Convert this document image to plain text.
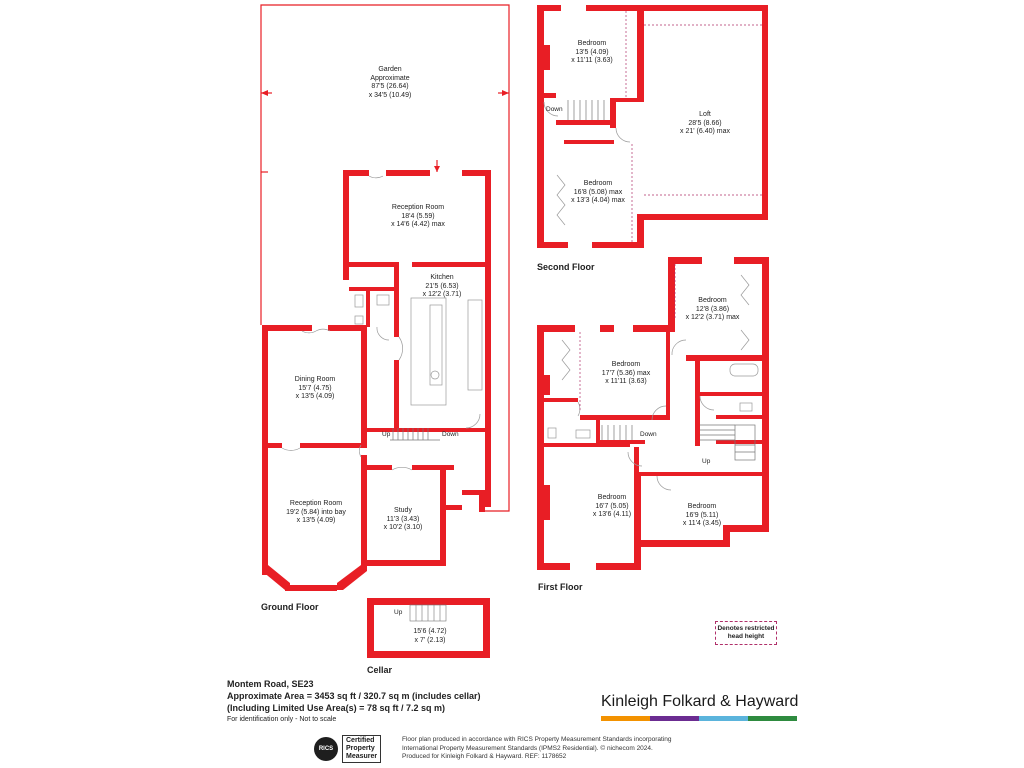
Garden
Approximate
87'5 (26.64)
x 34'5 (10.49)
Reception Room
18'4 (5.59)
x 14'6 (4.42) max
Kitchen
21'5 (6.53)
x 12'2 (3.71)
Dining Room
15'7 (4.75)
x 13'5 (4.09)
Reception Room
19'2 (5.84) into bay
x 13'5 (4.09)
Study
11'3 (3.43)
x 10'2 (3.10)
Up	Down
Ground Floor
Up
15'6 (4.72)
x 7' (2.13)
Cellar
Bedroom
13'5 (4.09)
x 11'11 (3.63)
Loft
28'5 (8.66)
x 21' (6.40) max
Bedroom
16'8 (5.08) max
x 13'3 (4.04) max
Down
Second Floor
Bedroom
12'8 (3.86)
x 12'2 (3.71) max
Bedroom
17'7 (5.36) max
x 11'11 (3.63)
Bedroom
16'7 (5.05)
x 13'6 (4.11)
Bedroom
16'9 (5.11)
x 11'4 (3.45)
Down
Up
First Floor
Denotes restricted
head height
Montem Road, SE23
Approximate Area = 3453 sq ft / 320.7 sq m (includes cellar)
(Including Limited Use Area(s) = 78 sq ft / 7.2 sq m)
For identification only - Not to scale
Kinleigh Folkard & Hayward
RICS
Certified
Property
Measurer
Floor plan produced in accordance with RICS Property Measurement Standards incorporating
International Property Measurement Standards (IPMS2 Residential). © nichecom 2024.
Produced for Kinleigh Folkard & Hayward. REF: 1178652
